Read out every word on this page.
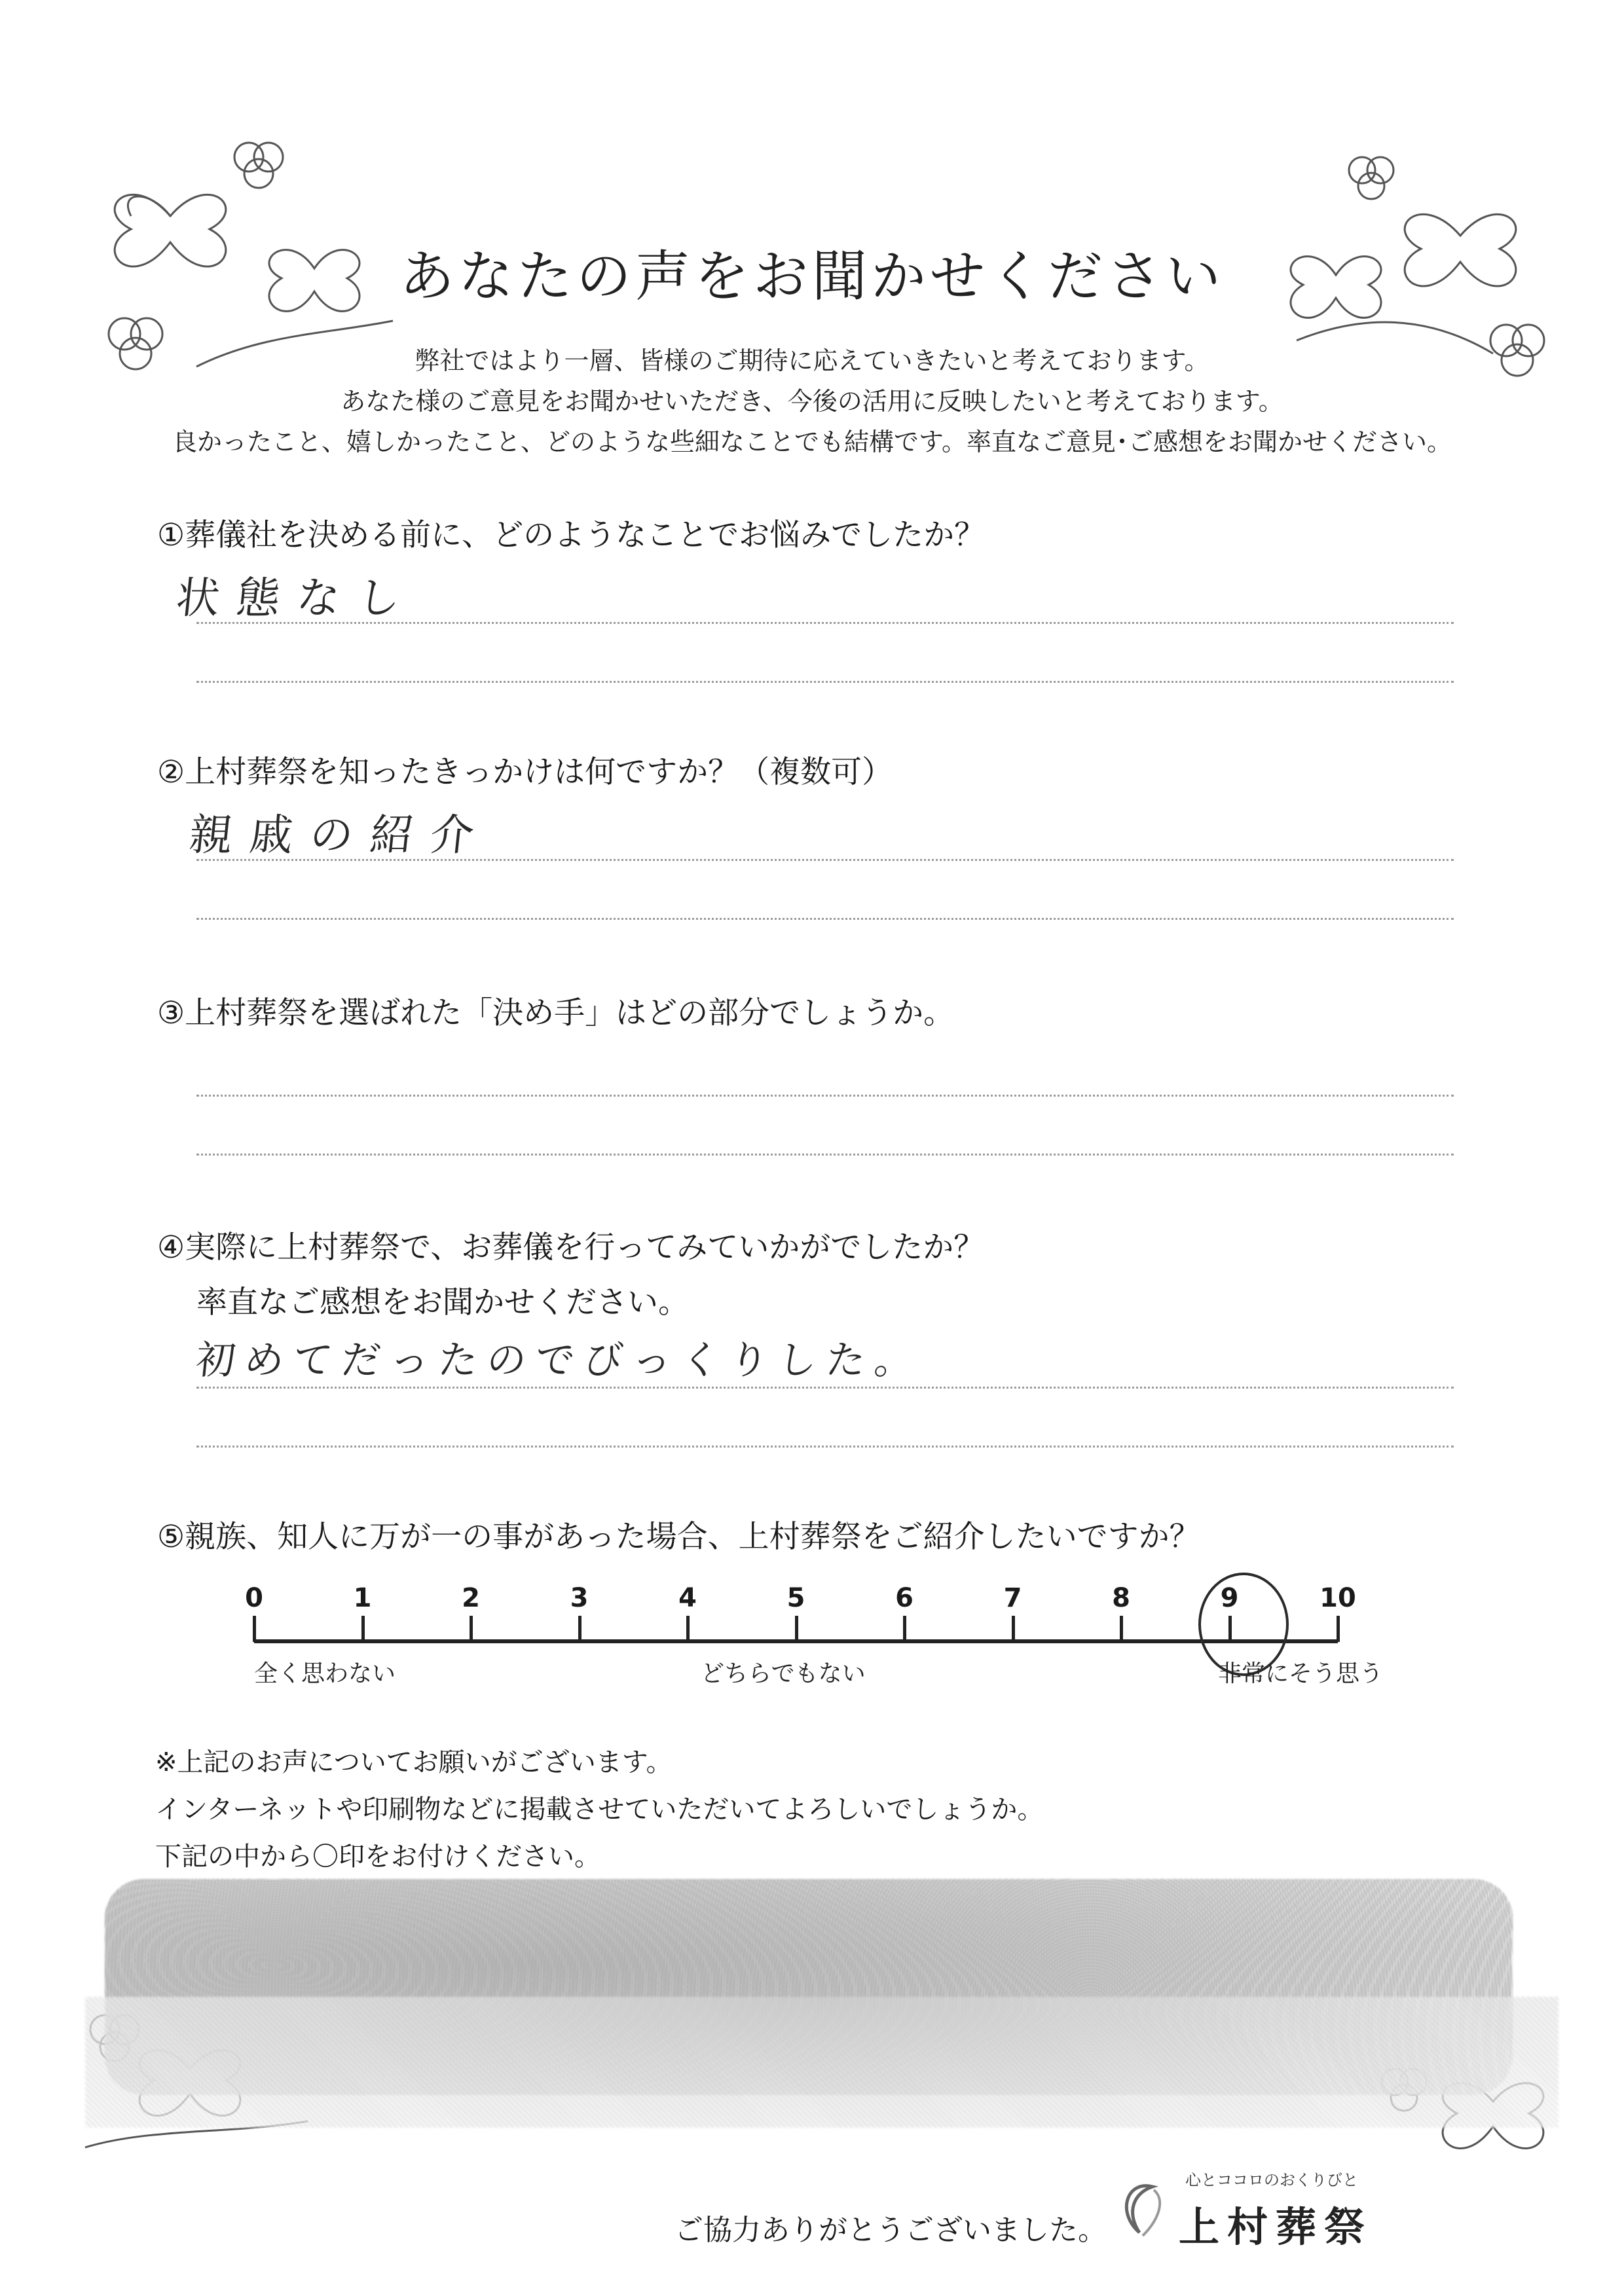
あなたの声をお聞かせください
弊社ではより一層、皆様のご期待に応えていきたいと考えております。
あなた様のご意見をお聞かせいただき、今後の活用に反映したいと考えております。
良かったこと、嬉しかったこと、どのような些細なことでも結構です。率直なご意見･ご感想をお聞かせください。
①葬儀社を決める前に、どのようなことでお悩みでしたか？
状態なし
②上村葬祭を知ったきっかけは何ですか？（複数可）
親戚の紹介
③上村葬祭を選ばれた「決め手」はどの部分でしょうか。
④実際に上村葬祭で、お葬儀を行ってみていかがでしたか？
率直なご感想をお聞かせください。
初めてだったのでびっくりした。
⑤親族、知人に万が一の事があった場合、上村葬祭をご紹介したいですか？
0	1	2	3	4	5	6	7	8	9	10
全く思わない	どちらでもない	非常にそう思う
※上記のお声についてお願いがございます。
インターネットや印刷物などに掲載させていただいてよろしいでしょうか。
下記の中から〇印をお付けください。
ご協力ありがとうございました。
心とココロのおくりびと
上村葬祭
